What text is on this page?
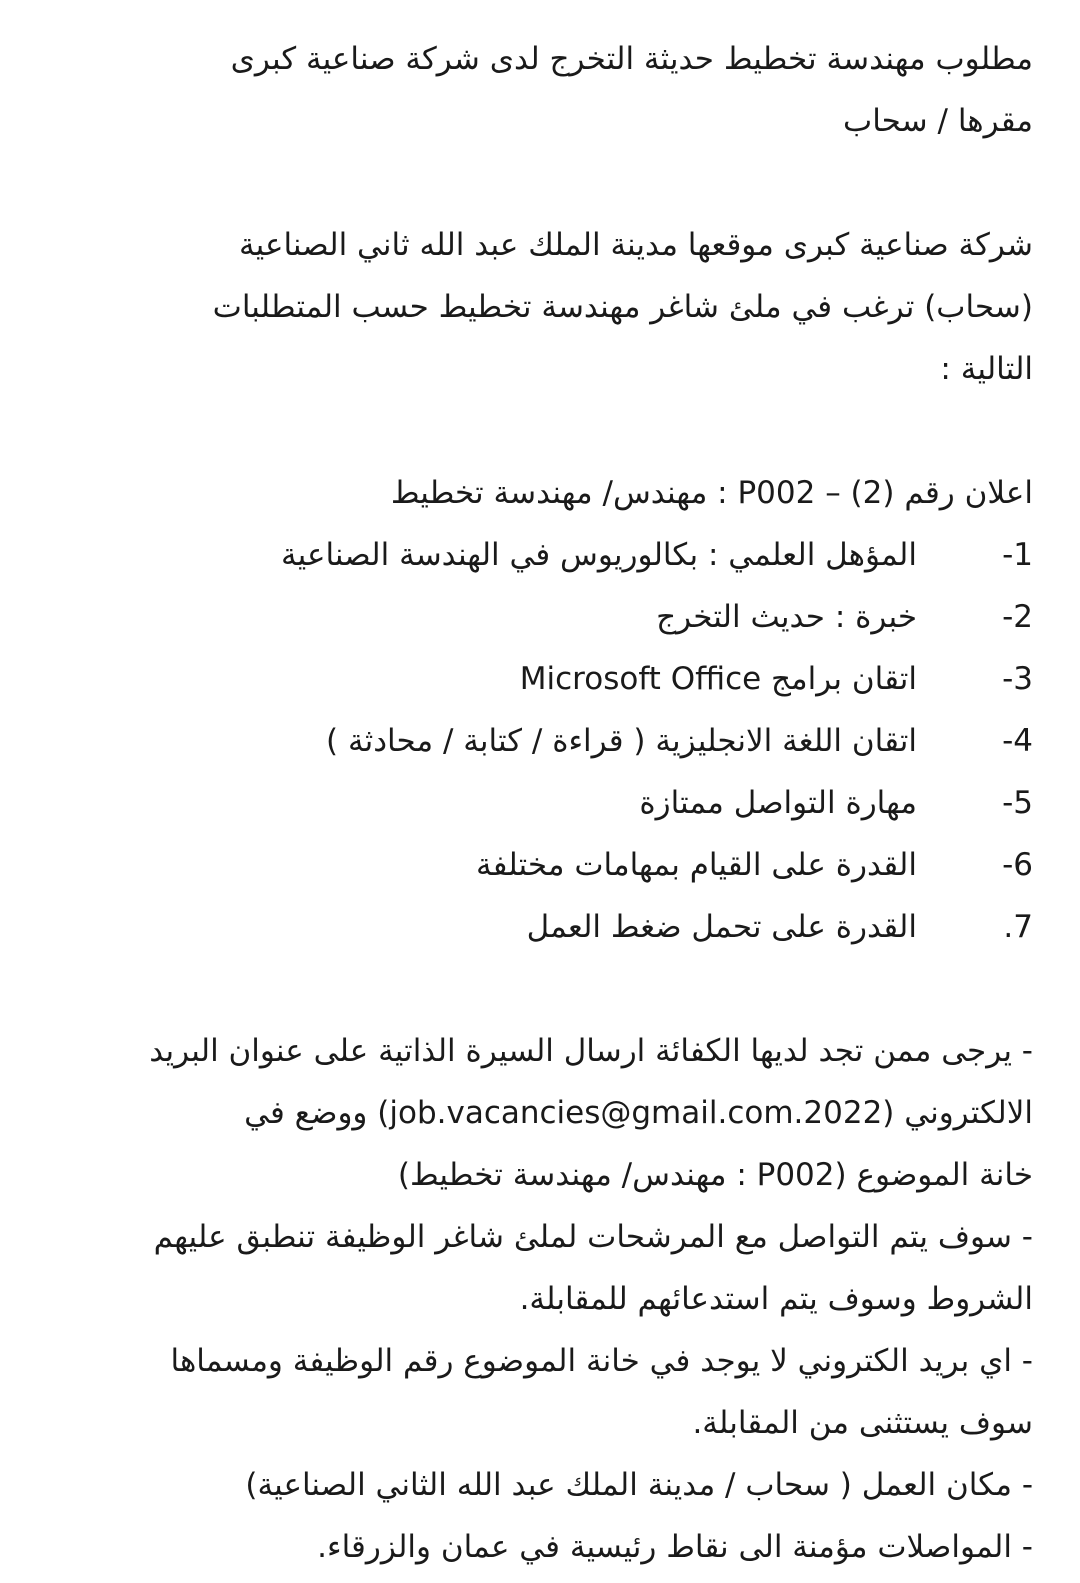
مطلوب مهندسة تخطيط حديثة التخرج لدى شركة صناعية كبرى

مقرها / سحاب

شركة صناعية كبرى موقعها مدينة الملك عبد الله ثاني الصناعية

(سحاب) ترغب في ملئ شاغر مهندسة تخطيط حسب المتطلبات

التالية :

اعلان رقم (2) – P002 : مهندس/ مهندسة تخطيط

1-
المؤهل العلمي : بكالوريوس في الهندسة الصناعية
2-
خبرة : حديث التخرج
3-
اتقان برامج Microsoft Office
4-
اتقان اللغة الانجليزية ( قراءة / كتابة / محادثة )
5-
مهارة التواصل ممتازة
6-
القدرة على القيام بمهامات مختلفة
7.
القدرة على تحمل ضغط العمل

- يرجى ممن تجد لديها الكفائة ارسال السيرة الذاتية على عنوان البريد

الالكتروني (job.vacancies@gmail.com.2022) ووضع في

خانة الموضوع (P002 : مهندس/ مهندسة تخطيط)

- سوف يتم التواصل مع المرشحات لملئ شاغر الوظيفة تنطبق عليهم

الشروط وسوف يتم استدعائهم للمقابلة.

- اي بريد الكتروني لا يوجد في خانة الموضوع رقم الوظيفة ومسماها

سوف يستثنى من المقابلة.

- مكان العمل ( سحاب / مدينة الملك عبد الله الثاني الصناعية)

- المواصلات مؤمنة الى نقاط رئيسية في عمان والزرقاء.
